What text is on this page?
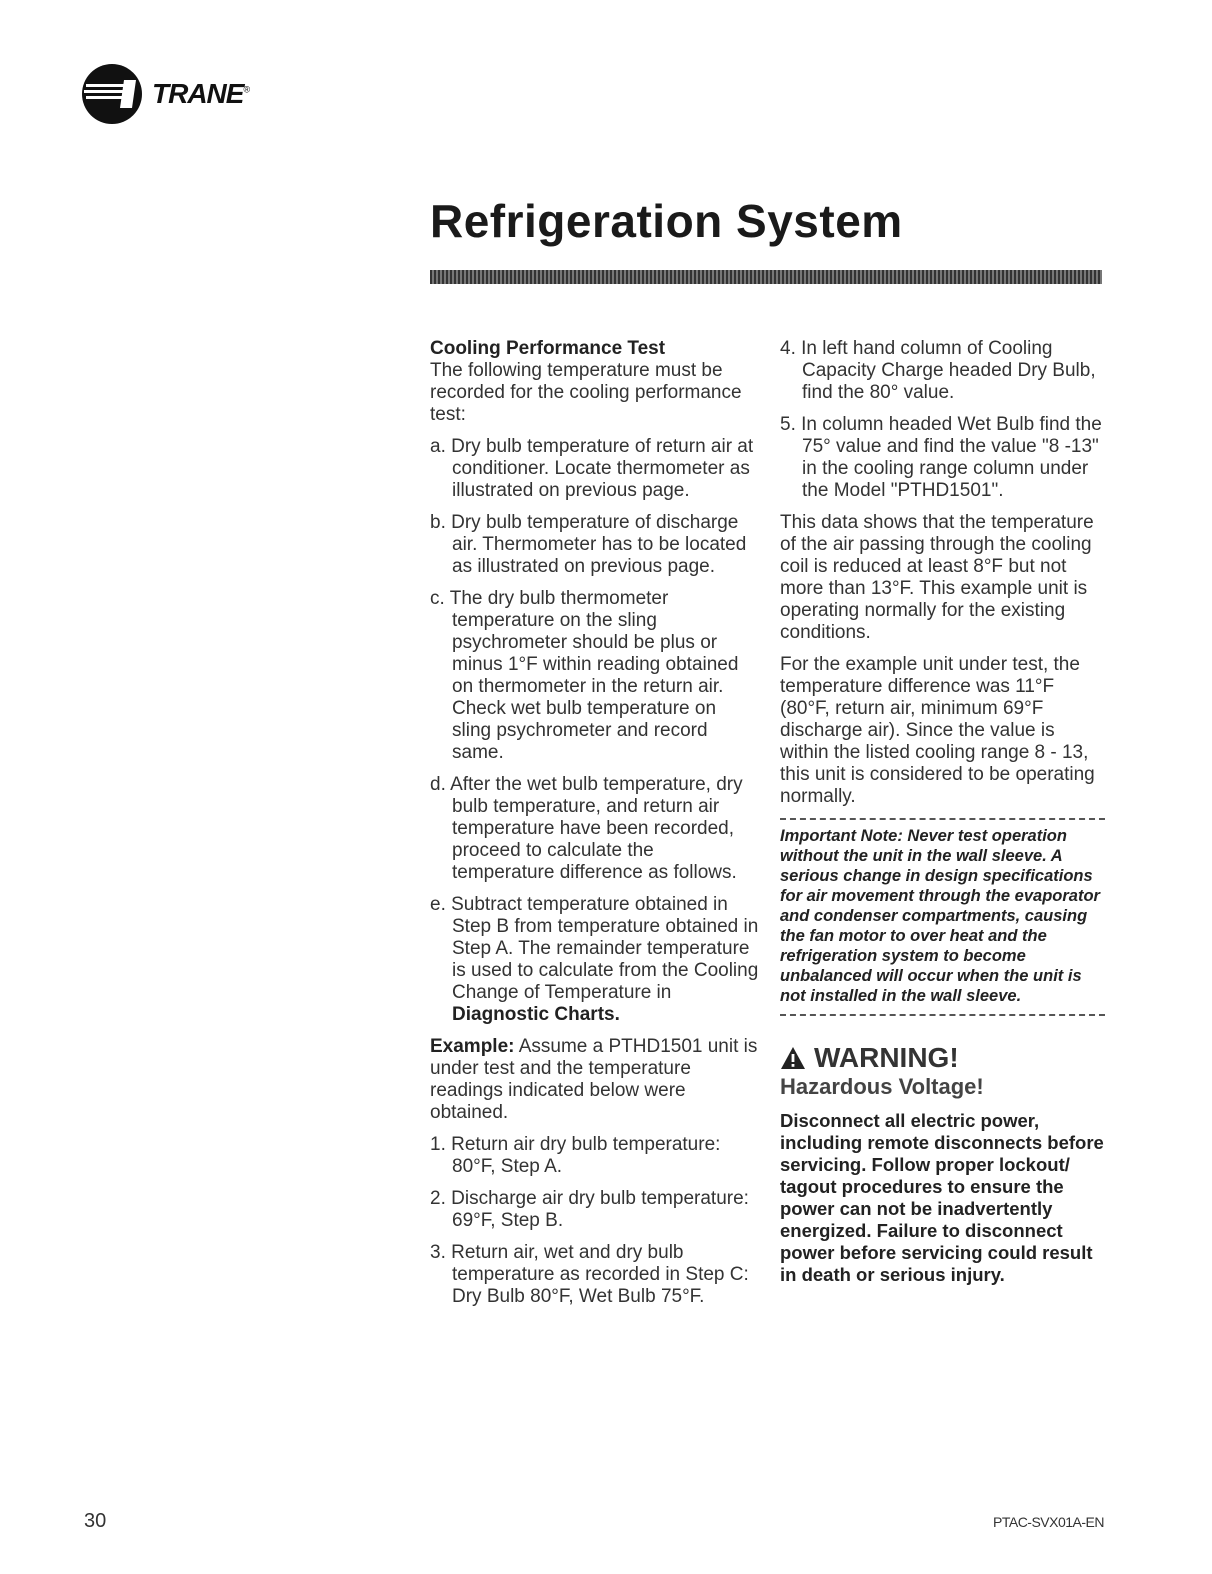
TRANE®
Refrigeration System
Cooling Performance Test

The following temperature must be recorded for the cooling performance test:

a. Dry bulb temperature of return air at conditioner. Locate thermometer as illustrated on previous page.

b. Dry bulb temperature of discharge air. Thermometer has to be located as illustrated on previous page.

c. The dry bulb thermometer temperature on the sling psychrometer should be plus or minus 1°F within reading obtained on thermometer in the return air. Check wet bulb temperature on sling psychrometer and record same.

d. After the wet bulb temperature, dry bulb temperature, and return air temperature have been recorded, proceed to calculate the temperature difference as follows.

e. Subtract temperature obtained in Step B from temperature obtained in Step A. The remainder temperature is used to calculate from the Cooling Change of Temperature in Diagnostic Charts.

Example: Assume a PTHD1501 unit is under test and the temperature readings indicated below were obtained.

1. Return air dry bulb temperature: 80°F, Step A.

2. Discharge air dry bulb temperature: 69°F, Step B.

3. Return air, wet and dry bulb temperature as recorded in Step C: Dry Bulb 80°F, Wet Bulb 75°F.

4. In left hand column of Cooling Capacity Charge headed Dry Bulb, find the 80° value.

5. In column headed Wet Bulb find the 75° value and find the value "8 -13" in the cooling range column under the Model "PTHD1501".

This data shows that the temperature of the air passing through the cooling coil is reduced at least 8°F but not more than 13°F. This example unit is operating normally for the existing conditions.

For the example unit under test, the temperature difference was 11°F (80°F, return air, minimum 69°F discharge air). Since the value is within the listed cooling range 8 - 13, this unit is considered to be operating normally.

Important Note: Never test operation without the unit in the wall sleeve. A serious change in design specifications for air movement through the evaporator and condenser compartments, causing the fan motor to over heat and the refrigeration system to become unbalanced will occur when the unit is not installed in the wall sleeve.
WARNING!
Hazardous Voltage!
Disconnect all electric power, including remote disconnects before servicing. Follow proper lockout/ tagout procedures to ensure the power can not be inadvertently energized. Failure to disconnect power before servicing could result in death or serious injury.
30	PTAC-SVX01A-EN
